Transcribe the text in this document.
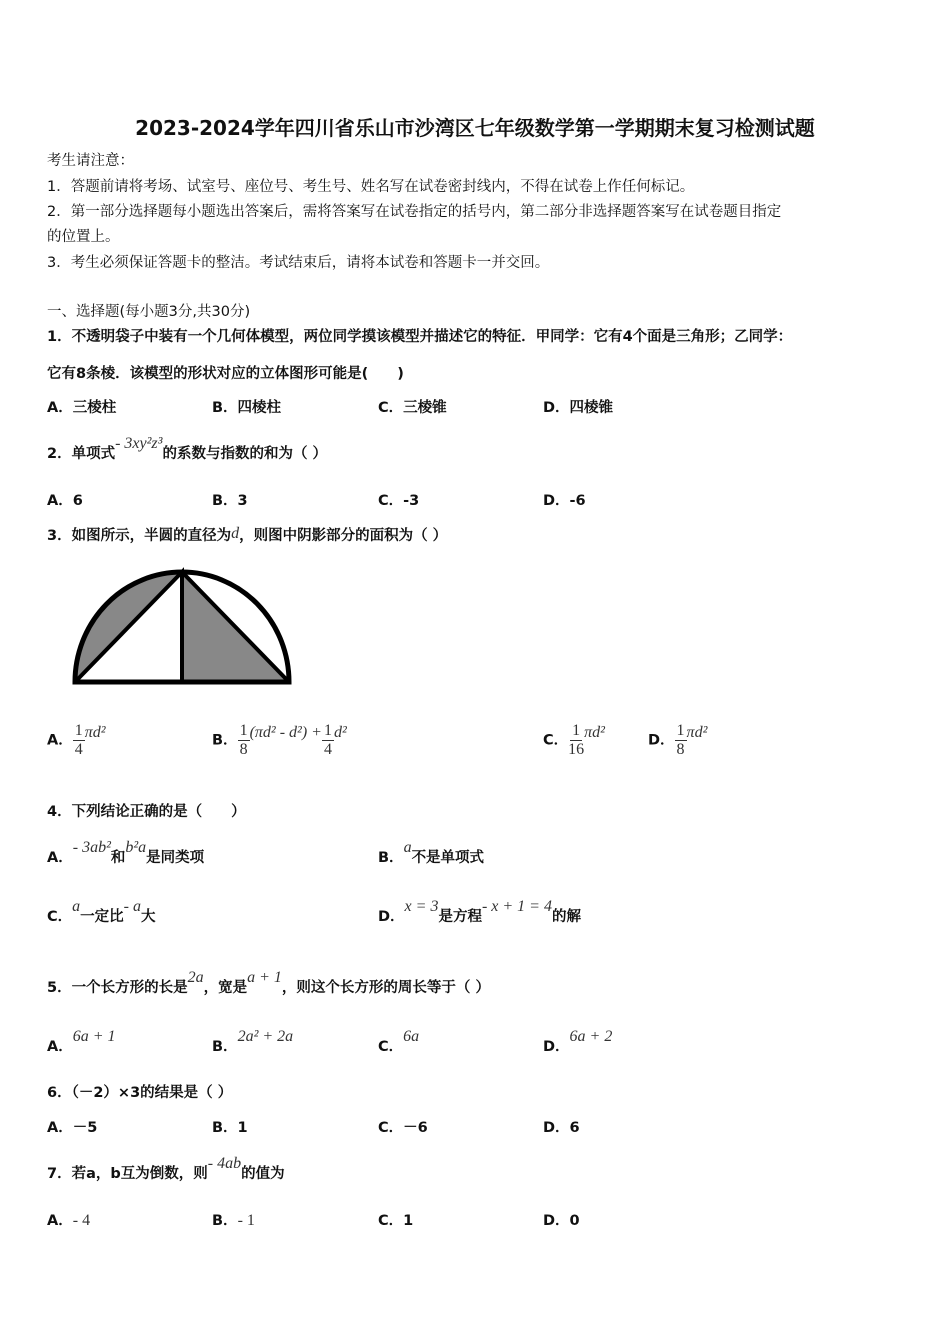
2023-2024学年四川省乐山市沙湾区七年级数学第一学期期末复习检测试题
考生请注意：
1．答题前请将考场、试室号、座位号、考生号、姓名写在试卷密封线内，不得在试卷上作任何标记。
2．第一部分选择题每小题选出答案后，需将答案写在试卷指定的括号内，第二部分非选择题答案写在试卷题目指定
的位置上。
3．考生必须保证答题卡的整洁。考试结束后，请将本试卷和答题卡一并交回。
一、选择题(每小题3分,共30分)
1．不透明袋子中装有一个几何体模型，两位同学摸该模型并描述它的特征．甲同学：它有4个面是三角形；乙同学：
它有8条棱．该模型的形状对应的立体图形可能是(　　)
A．三棱柱	B．四棱柱	C．三棱锥	D．四棱锥
2．单项式- 3xy²z³的系数与指数的和为（ ）
A．6	B．3	C．-3	D．-6
3．如图所示，半圆的直径为d，则图中阴影部分的面积为（ ）
A． $\frac{1}{4} \pi d^2$	B． $\frac{1}{8} (\pi d^2 - d^2) + \frac{1}{4} d^2$	C． $\frac{1}{16} \pi d^2$	D． $\frac{1}{8} \pi d^2$
4．下列结论正确的是（　　）
A．- 3ab²和b²a是同类项	B．a不是单项式
C．a一定比- a大	D．x = 3是方程- x + 1 = 4的解
5．一个长方形的长是2a，宽是a + 1，则这个长方形的周长等于（ ）
A．6a + 1
B．2a² + 2a
C．6a
D．6a + 2
6．（－2）×3的结果是（ ）
A．－5	B．1	C．－6	D．6
7．若a，b互为倒数，则- 4ab的值为
A．- 4	B．- 1	C．1	D．0
